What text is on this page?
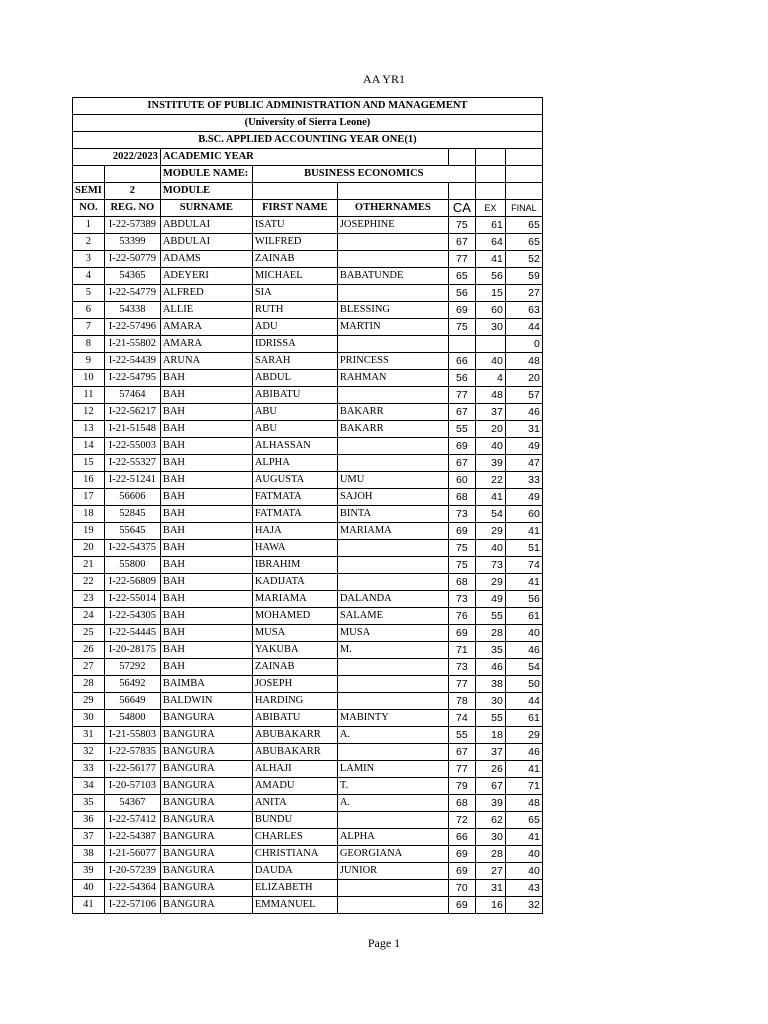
AA YR1
INSTITUTE OF PUBLIC ADMINISTRATION AND MANAGEMENT							
(University of Sierra Leone)							
B.SC. APPLIED ACCOUNTING YEAR ONE(1)							
2022/2023		ACADEMIC YEAR					
		MODULE NAME:	BUSINESS ECONOMICS				
SEMI	2	MODULE					
NO.	REG. NO	SURNAME	FIRST NAME	OTHERNAMES	CA	EX	FINAL
1	I-22-57389	ABDULAI	ISATU	JOSEPHINE	75	61	65
2	53399	ABDULAI	WILFRED		67	64	65
3	I-22-50779	ADAMS	ZAINAB		77	41	52
4	54365	ADEYERI	MICHAEL	BABATUNDE	65	56	59
5	I-22-54779	ALFRED	SIA		56	15	27
6	54338	ALLIE	RUTH	BLESSING	69	60	63
7	I-22-57496	AMARA	ADU	MARTIN	75	30	44
8	I-21-55802	AMARA	IDRISSA				0
9	I-22-54439	ARUNA	SARAH	PRINCESS	66	40	48
10	I-22-54795	BAH	ABDUL	RAHMAN	56	4	20
11	57464	BAH	ABIBATU		77	48	57
12	I-22-56217	BAH	ABU	BAKARR	67	37	46
13	I-21-51548	BAH	ABU	BAKARR	55	20	31
14	I-22-55003	BAH	ALHASSAN		69	40	49
15	I-22-55327	BAH	ALPHA		67	39	47
16	I-22-51241	BAH	AUGUSTA	UMU	60	22	33
17	56606	BAH	FATMATA	SAJOH	68	41	49
18	52845	BAH	FATMATA	BINTA	73	54	60
19	55645	BAH	HAJA	MARIAMA	69	29	41
20	I-22-54375	BAH	HAWA		75	40	51
21	55800	BAH	IBRAHIM		75	73	74
22	I-22-56809	BAH	KADIJATA		68	29	41
23	I-22-55014	BAH	MARIAMA	DALANDA	73	49	56
24	I-22-54305	BAH	MOHAMED	SALAME	76	55	61
25	I-22-54445	BAH	MUSA	MUSA	69	28	40
26	I-20-28175	BAH	YAKUBA	M.	71	35	46
27	57292	BAH	ZAINAB		73	46	54
28	56492	BAIMBA	JOSEPH		77	38	50
29	56649	BALDWIN	HARDING		78	30	44
30	54800	BANGURA	ABIBATU	MABINTY	74	55	61
31	I-21-55803	BANGURA	ABUBAKARR	A.	55	18	29
32	I-22-57835	BANGURA	ABUBAKARR		67	37	46
33	I-22-56177	BANGURA	ALHAJI	LAMIN	77	26	41
34	I-20-57103	BANGURA	AMADU	T.	79	67	71
35	54367	BANGURA	ANITA	A.	68	39	48
36	I-22-57412	BANGURA	BUNDU		72	62	65
37	I-22-54387	BANGURA	CHARLES	ALPHA	66	30	41
38	I-21-56077	BANGURA	CHRISTIANA	GEORGIANA	69	28	40
39	I-20-57239	BANGURA	DAUDA	JUNIOR	69	27	40
40	I-22-54364	BANGURA	ELIZABETH		70	31	43
41	I-22-57106	BANGURA	EMMANUEL		69	16	32
Page 1
